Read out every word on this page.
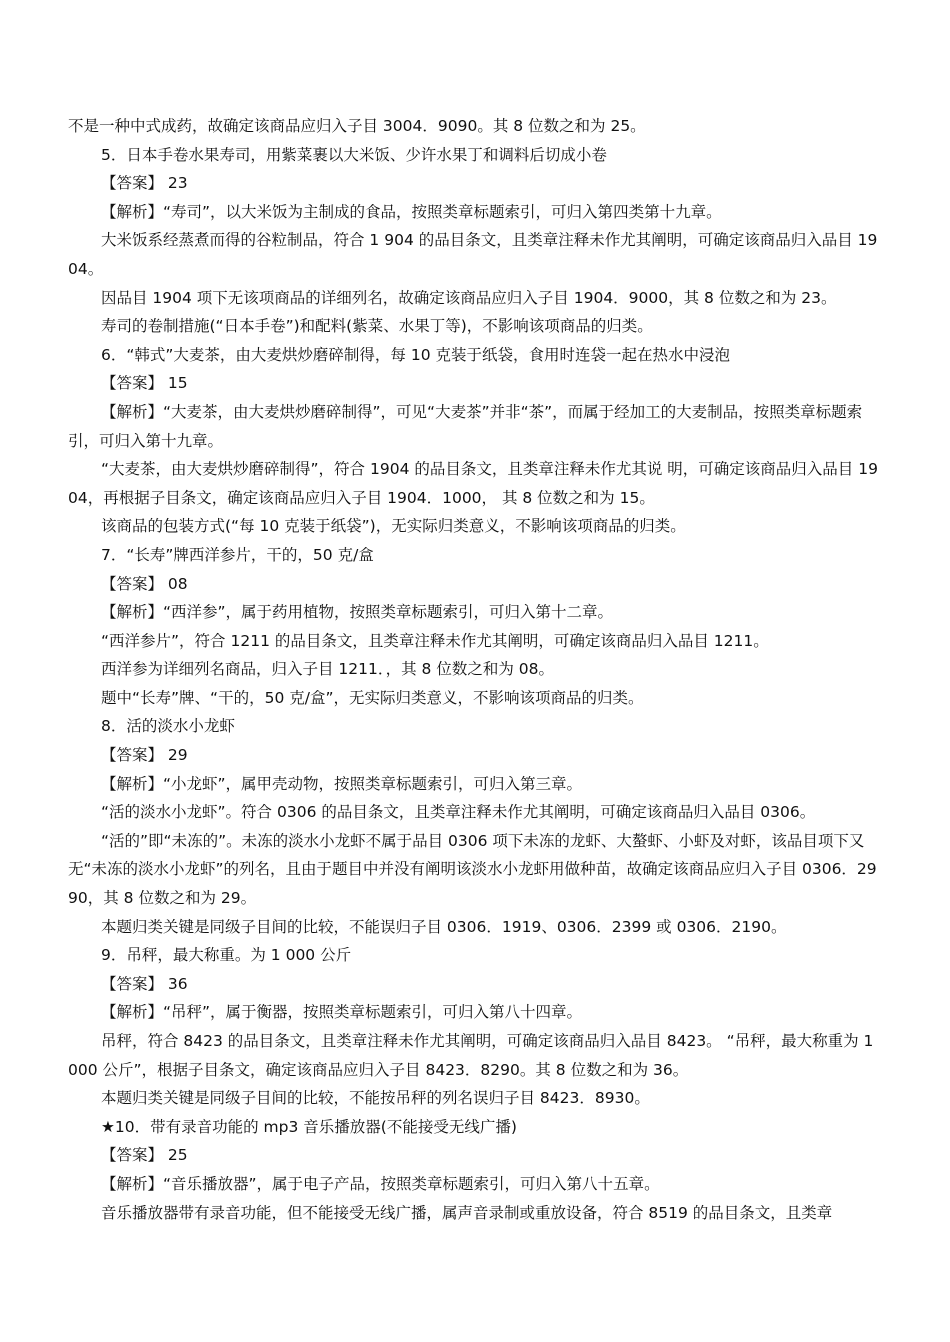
不是一种中式成药，故确定该商品应归入子目 3004．9090。其 8 位数之和为 25。

5．日本手卷水果寿司，用紫菜裹以大米饭、少许水果丁和调料后切成小卷

【答案】 23

【解析】“寿司”，以大米饭为主制成的食品，按照类章标题索引，可归入第四类第十九章。

大米饭系经蒸煮而得的谷粒制品，符合 1 904 的品目条文，且类章注释未作尤其阐明，可确定该商品归入品目 1904。

因品目 1904 项下无该项商品的详细列名，故确定该商品应归入子目 1904．9000，其 8 位数之和为 23。

寿司的卷制措施(“日本手卷”)和配料(紫菜、水果丁等)，不影响该项商品的归类。

6．“韩式”大麦茶，由大麦烘炒磨碎制得，每 10 克装于纸袋，食用时连袋一起在热水中浸泡

【答案】 15

【解析】“大麦茶，由大麦烘炒磨碎制得”，可见“大麦茶”并非“茶”，而属于经加工的大麦制品，按照类章标题索引，可归入第十九章。

“大麦茶，由大麦烘炒磨碎制得”，符合 1904 的品目条文，且类章注释未作尤其说 明，可确定该商品归入品目 1904，再根据子目条文，确定该商品应归入子目 1904．1000， 其 8 位数之和为 15。

该商品的包装方式(“每 10 克装于纸袋”)，无实际归类意义，不影响该项商品的归类。

7．“长寿”牌西洋参片，干的，50 克/盒

【答案】 08

【解析】“西洋参”，属于药用植物，按照类章标题索引，可归入第十二章。

“西洋参片”，符合 1211 的品目条文，且类章注释未作尤其阐明，可确定该商品归入品目 1211。

西洋参为详细列名商品，归入子目 1211．，其 8 位数之和为 08。

题中“长寿”牌、“干的，50 克/盒”，无实际归类意义，不影响该项商品的归类。

8．活的淡水小龙虾

【答案】 29

【解析】“小龙虾”，属甲壳动物，按照类章标题索引，可归入第三章。

“活的淡水小龙虾”。符合 0306 的品目条文，且类章注释未作尤其阐明，可确定该商品归入品目 0306。

“活的”即“未冻的”。未冻的淡水小龙虾不属于品目 0306 项下未冻的龙虾、大螯虾、小虾及对虾，该品目项下又无“未冻的淡水小龙虾”的列名，且由于题目中并没有阐明该淡水小龙虾用做种苗，故确定该商品应归入子目 0306．2990，其 8 位数之和为 29。

本题归类关键是同级子目间的比较，不能误归子目 0306．1919、0306．2399 或 0306．2190。

9．吊秤，最大称重。为 1 000 公斤

【答案】 36

【解析】“吊秤”，属于衡器，按照类章标题索引，可归入第八十四章。

吊秤，符合 8423 的品目条文，且类章注释未作尤其阐明，可确定该商品归入品目 8423。 “吊秤，最大称重为 1 000 公斤”，根据子目条文，确定该商品应归入子目 8423．8290。其 8 位数之和为 36。

本题归类关键是同级子目间的比较，不能按吊秤的列名误归子目 8423．8930。

★10．带有录音功能的 mp3 音乐播放器(不能接受无线广播)

【答案】 25

【解析】“音乐播放器”，属于电子产品，按照类章标题索引，可归入第八十五章。

音乐播放器带有录音功能，但不能接受无线广播，属声音录制或重放设备，符合 8519 的品目条文，且类章
